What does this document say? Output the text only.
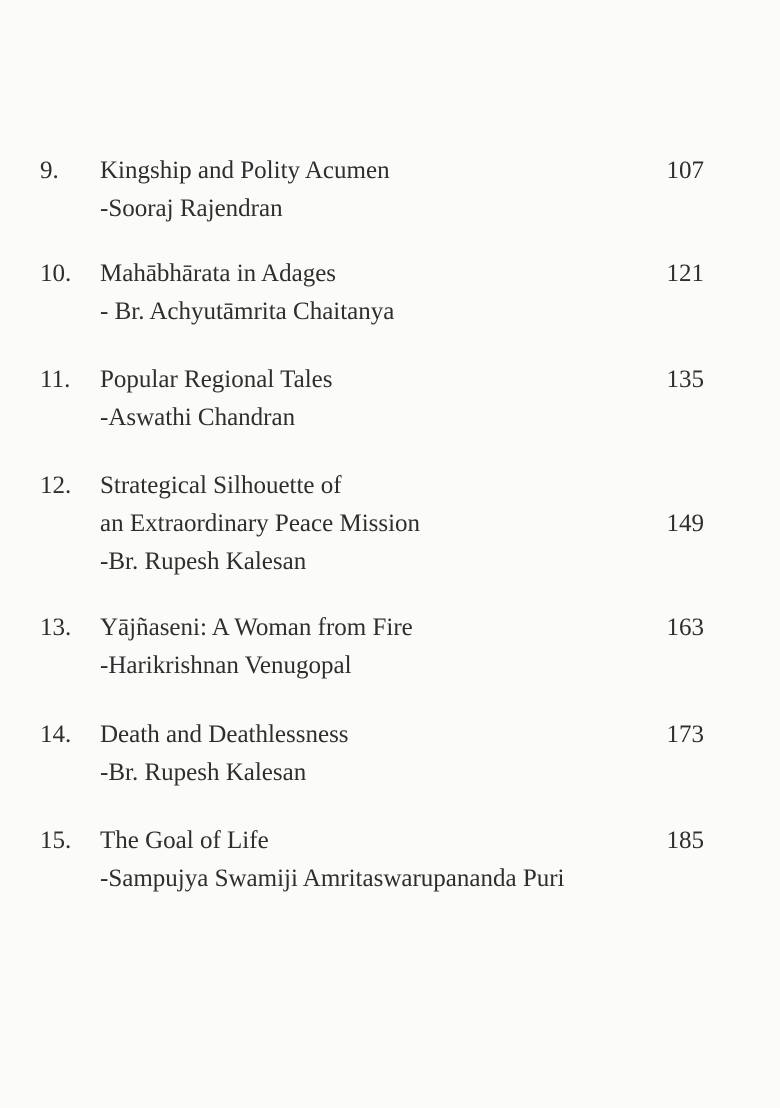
9. Kingship and Polity Acumen
-Sooraj Rajendran
107
10. Mahābhārata in Adages
- Br. Achyutāmrita Chaitanya
121
11. Popular Regional Tales
-Aswathi Chandran
135
12. Strategical Silhouette of
an Extraordinary Peace Mission
-Br. Rupesh Kalesan
149
13. Yājñaseni: A Woman from Fire
-Harikrishnan Venugopal
163
14. Death and Deathlessness
-Br. Rupesh Kalesan
173
15. The Goal of Life
-Sampujya Swamiji Amritaswarupananda Puri
185
